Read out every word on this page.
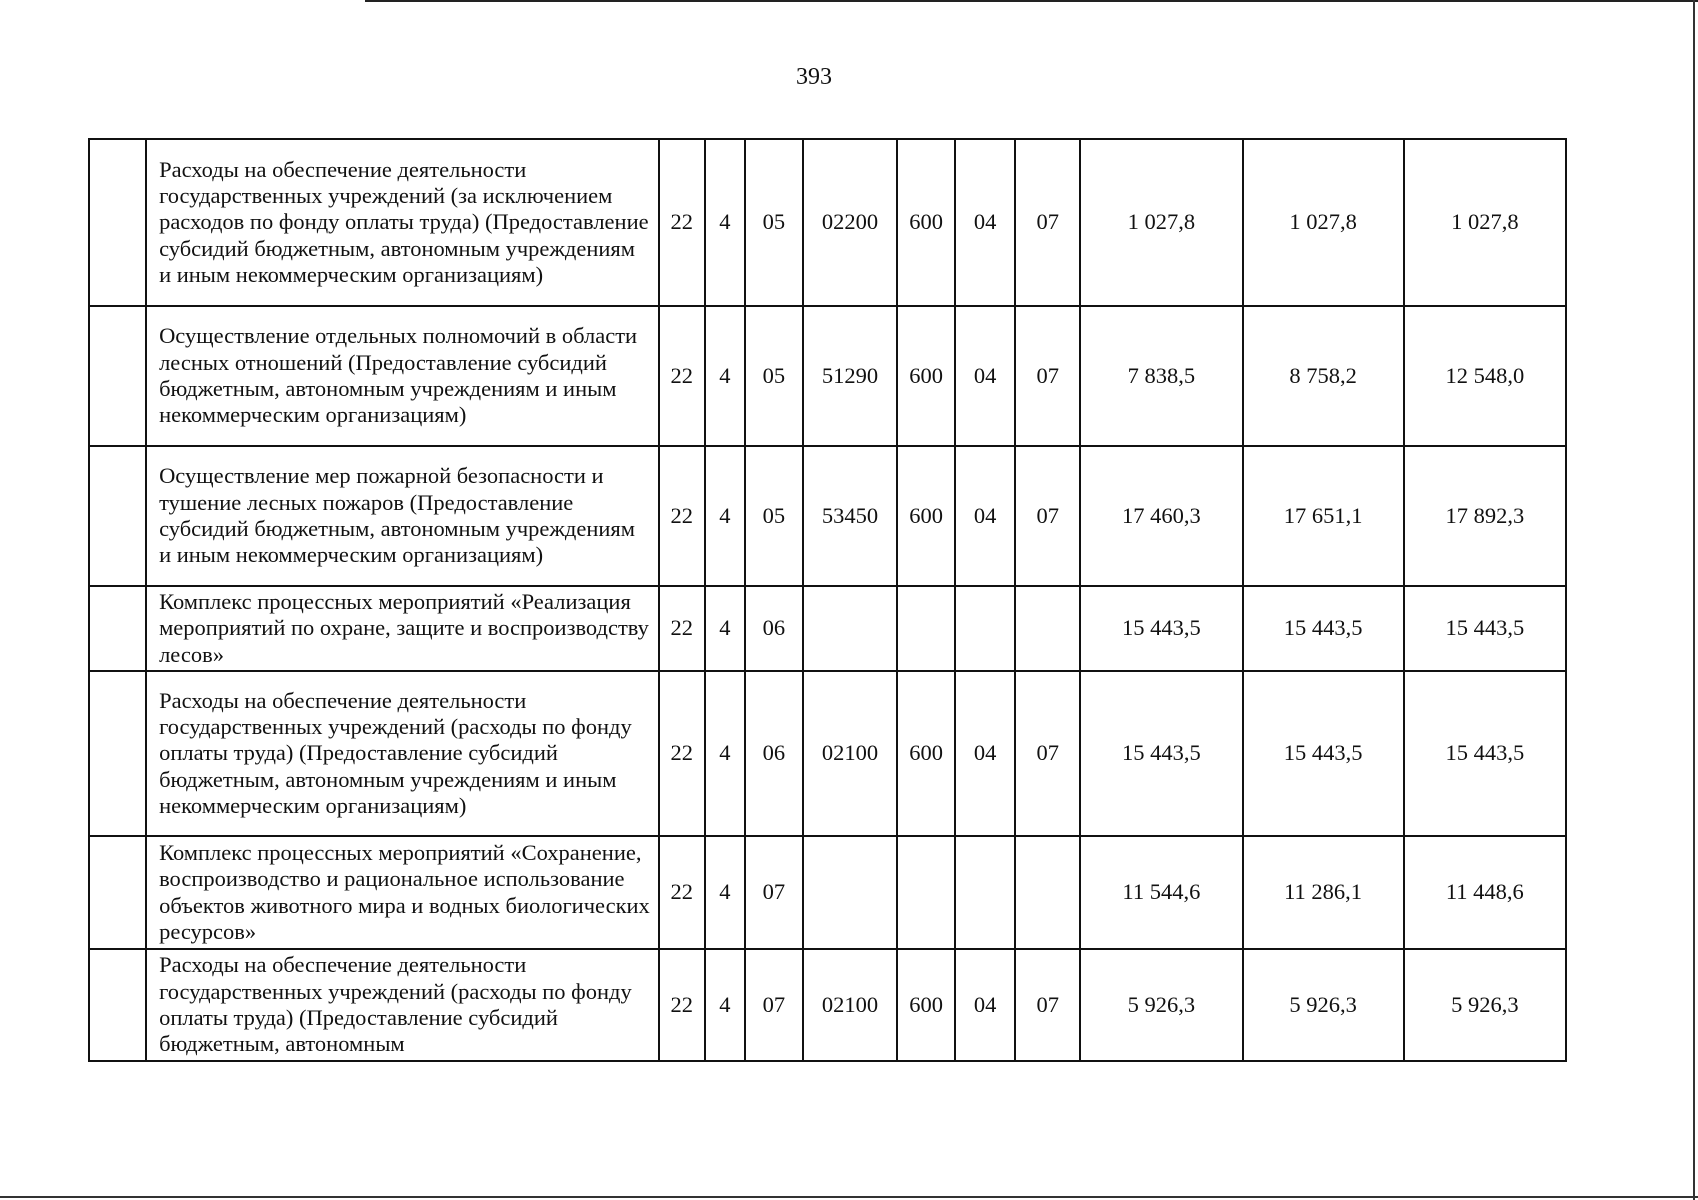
393
	Расходы на обеспечение деятельности государственных учреждений (за исключением расходов по фонду оплаты труда) (Предоставление субсидий бюджетным, автономным учреждениям и иным некоммерческим организациям)	22	4	05	02200	600	04	07	1 027,8	1 027,8	1 027,8
	Осуществление отдельных полномочий в области лесных отношений (Предоставление субсидий бюджетным, автономным учреждениям и иным некоммерческим организациям)	22	4	05	51290	600	04	07	7 838,5	8 758,2	12 548,0
	Осуществление мер пожарной безопасности и тушение лесных пожаров (Предоставление субсидий бюджетным, автономным учреждениям и иным некоммерческим организациям)	22	4	05	53450	600	04	07	17 460,3	17 651,1	17 892,3
	Комплекс процессных мероприятий «Реализация мероприятий по охране, защите и воспроизводству лесов»	22	4	06					15 443,5	15 443,5	15 443,5
	Расходы на обеспечение деятельности государственных учреждений (расходы по фонду оплаты труда) (Предоставление субсидий бюджетным, автономным учреждениям и иным некоммерческим организациям)	22	4	06	02100	600	04	07	15 443,5	15 443,5	15 443,5
	Комплекс процессных мероприятий «Сохранение, воспроизводство и рациональное использование объектов животного мира и водных биологических ресурсов»	22	4	07					11 544,6	11 286,1	11 448,6
	Расходы на обеспечение деятельности государственных учреждений (расходы по фонду оплаты труда) (Предоставление субсидий бюджетным, автономным	22	4	07	02100	600	04	07	5 926,3	5 926,3	5 926,3
